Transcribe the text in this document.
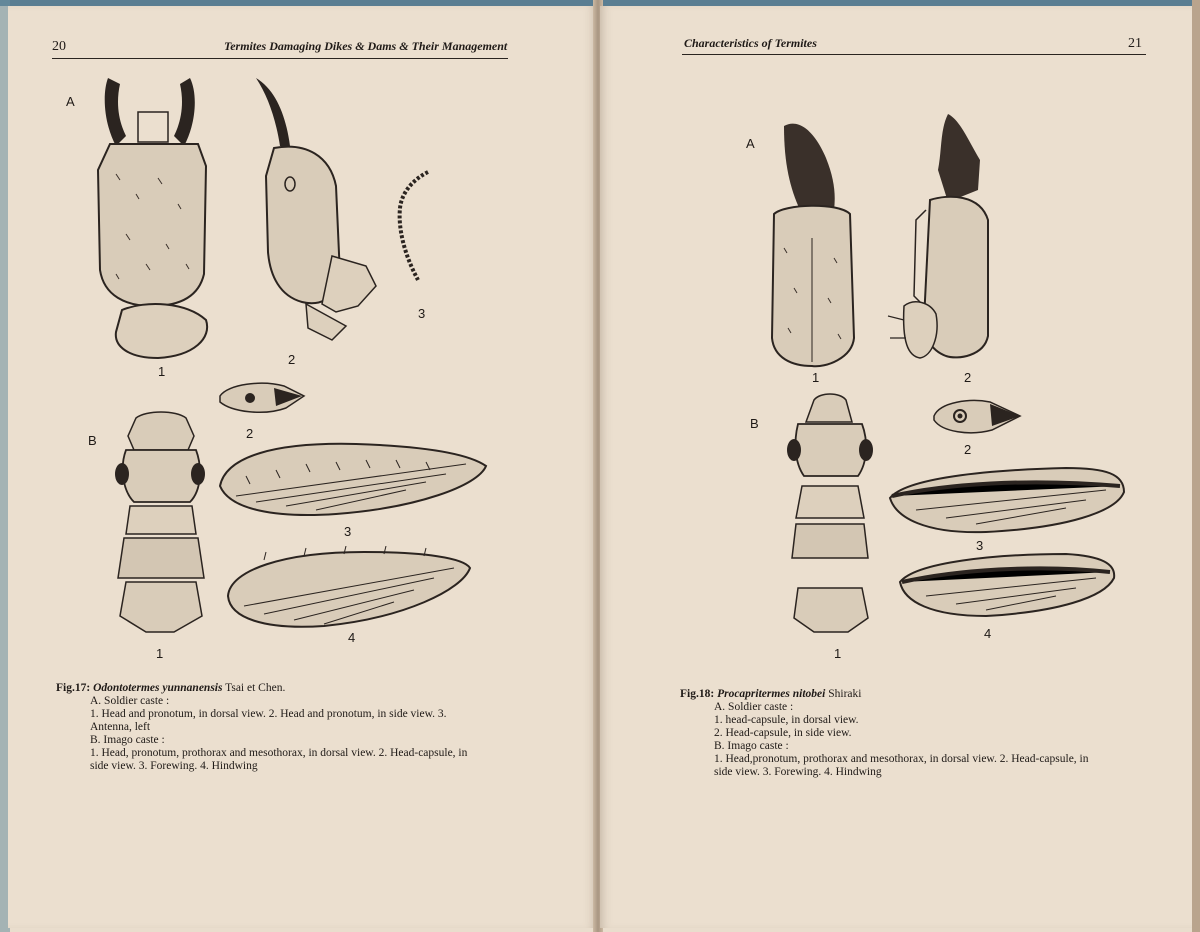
20	Termites Damaging Dikes & Dams & Their Management
A
B
1
2
3
1
2
3
4
Fig.17: Odontotermes yunnanensis Tsai et Chen.
A. Soldier caste :
1. Head and pronotum, in dorsal view. 2. Head and pronotum, in side view. 3.
Antenna, left
B. Imago caste :
1. Head, pronotum, prothorax and mesothorax, in dorsal view. 2. Head-capsule, in
side view. 3. Forewing. 4. Hindwing
Characteristics of Termites	21
A
B
1	2
1
2
3
4
Fig.18: Procapritermes nitobei Shiraki
A. Soldier caste :
1. head-capsule, in dorsal view.
2. Head-capsule, in side view.
B. Imago caste :
1. Head,pronotum, prothorax and mesothorax, in dorsal view. 2. Head-capsule, in
side view. 3. Forewing. 4. Hindwing
